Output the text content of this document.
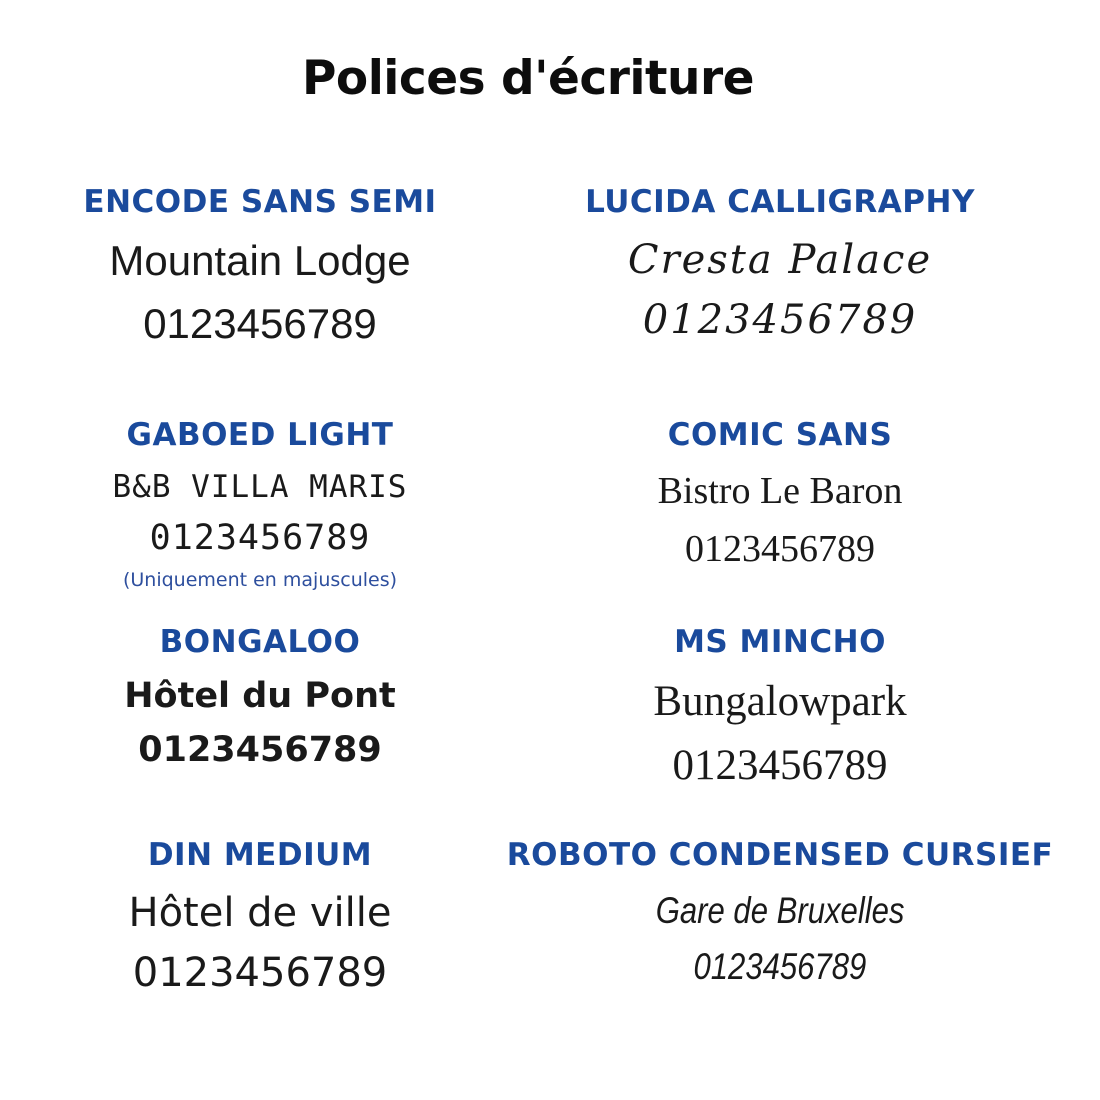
Polices d'écriture
ENCODE SANS SEMI
Mountain Lodge
0123456789
LUCIDA CALLIGRAPHY
Cresta Palace
0123456789
GABOED LIGHT
B&B VILLA MARIS
0123456789
(Uniquement en majuscules)
COMIC SANS
Bistro Le Baron
0123456789
BONGALOO
Hôtel du Pont
0123456789
MS MINCHO
Bungalowpark
0123456789
DIN MEDIUM
Hôtel de ville
0123456789
ROBOTO CONDENSED CURSIEF
Gare de Bruxelles
0123456789
